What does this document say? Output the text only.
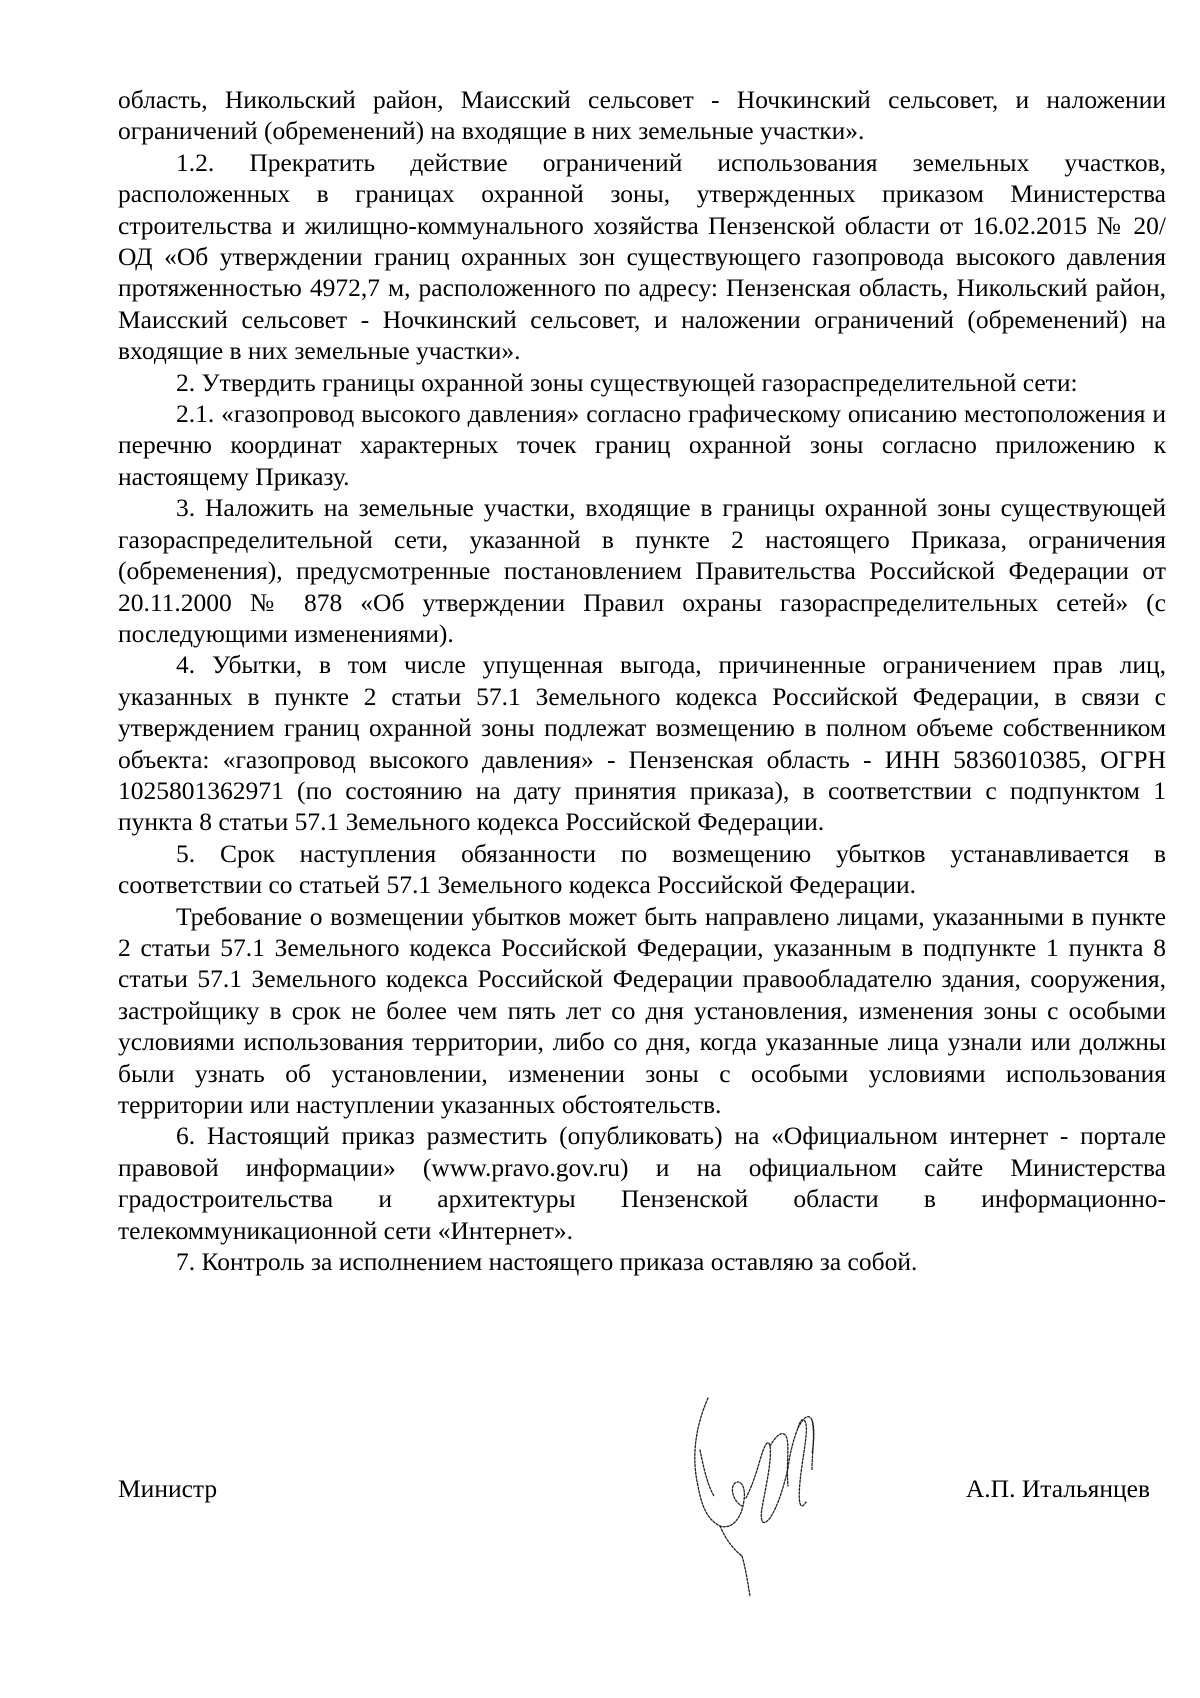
область, Никольский район, Маисский сельсовет - Ночкинский сельсовет, и наложении ограничений (обременений) на входящие в них земельные участки».

1.2. Прекратить действие ограничений использования земельных участков, расположенных в границах охранной зоны, утвержденных приказом Министерства строительства и жилищно-коммунального хозяйства Пензенской области от 16.02.2015 № 20/ОД «Об утверждении границ охранных зон существующего газопровода высокого давления протяженностью 4972,7 м, расположенного по адресу: Пензенская область, Никольский район, Маисский сельсовет - Ночкинский сельсовет, и наложении ограничений (обременений) на входящие в них земельные участки».

2. Утвердить границы охранной зоны существующей газораспределительной сети:

2.1. «газопровод высокого давления» согласно графическому описанию местоположения и перечню координат характерных точек границ охранной зоны согласно приложению к настоящему Приказу.

3. Наложить на земельные участки, входящие в границы охранной зоны существующей газораспределительной сети, указанной в пункте 2 настоящего Приказа, ограничения (обременения), предусмотренные постановлением Правительства Российской Федерации от 20.11.2000 № 878 «Об утверждении Правил охраны газораспределительных сетей» (с последующими изменениями).

4. Убытки, в том числе упущенная выгода, причиненные ограничением прав лиц, указанных в пункте 2 статьи 57.1 Земельного кодекса Российской Федерации, в связи с утверждением границ охранной зоны подлежат возмещению в полном объеме собственником объекта: «газопровод высокого давления» - Пензенская область - ИНН 5836010385, ОГРН 1025801362971 (по состоянию на дату принятия приказа), в соответствии с подпунктом 1 пункта 8 статьи 57.1 Земельного кодекса Российской Федерации.

5. Срок наступления обязанности по возмещению убытков устанавливается в соответствии со статьей 57.1 Земельного кодекса Российской Федерации.

Требование о возмещении убытков может быть направлено лицами, указанными в пункте 2 статьи 57.1 Земельного кодекса Российской Федерации, указанным в подпункте 1 пункта 8 статьи 57.1 Земельного кодекса Российской Федерации правообладателю здания, сооружения, застройщику в срок не более чем пять лет со дня установления, изменения зоны с особыми условиями использования территории, либо со дня, когда указанные лица узнали или должны были узнать об установлении, изменении зоны с особыми условиями использования территории или наступлении указанных обстоятельств.

6. Настоящий приказ разместить (опубликовать) на «Официальном интернет - портале правовой информации» (www.pravo.gov.ru) и на официальном сайте Министерства градостроительства и архитектуры Пензенской области в информационно-телекоммуникационной сети «Интернет».

7. Контроль за исполнением настоящего приказа оставляю за собой.

Министр	А.П. Итальянцев
